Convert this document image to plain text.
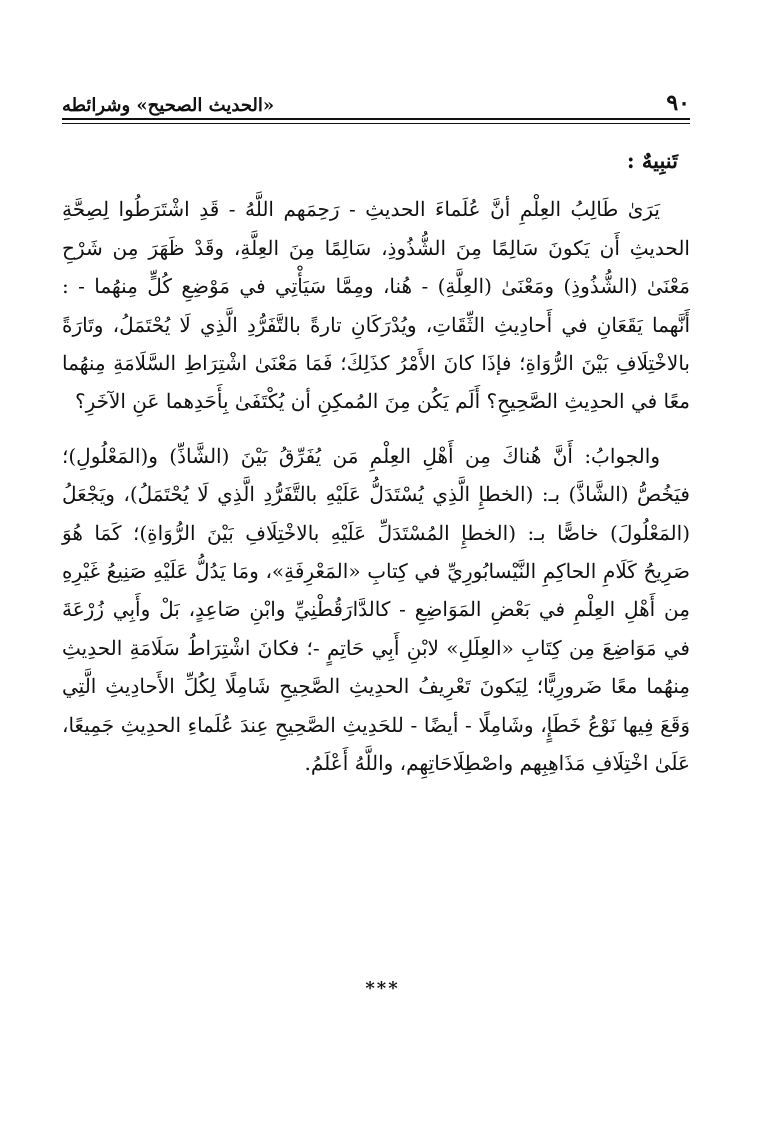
٩٠
«الحديث الصحيح» وشرائطه

تَنبِيهٌ :

يَرَىٰ طَالِبُ العِلْمِ أنَّ عُلَماءَ الحديثِ - رَحِمَهم اللَّهُ - قَدِ اشْتَرَطُوا لِصِحَّةِ الحديثِ أَن يَكونَ سَالِمًا مِنَ الشُّذُوذِ، سَالِمًا مِنَ العِلَّةِ، وقَدْ ظَهَرَ مِن شَرْحِ مَعْنَىٰ (الشُّذُوذِ) ومَعْنَىٰ (العِلَّةِ) - هُنا، ومِمَّا سَيَأْتِي في مَوْضِعِ كُلٍّ مِنهُما - : أَنَّهما يَقَعَانِ في أَحادِيثِ الثِّقَاتِ، ويُدْرَكَانِ تارةً بالتَّفَرُّدِ الَّذِي لَا يُحْتَمَلُ، وتَارَةً بالاخْتِلَافِ بَيْنَ الرُّوَاةِ؛ فإذَا كانَ الأَمْرُ كذَلِكَ؛ فَمَا مَعْنَىٰ اشْتِرَاطِ السَّلَامَةِ مِنهُما معًا في الحدِيثِ الصَّحِيحِ؟ أَلَم يَكُن مِنَ المُمكِنِ أن يُكْتَفَىٰ بِأَحَدِهما عَنِ الآخَرِ؟

والجوابُ: أَنَّ هُناكَ مِن أَهْلِ العِلْمِ مَن يُفَرِّقُ بَيْنَ (الشَّاذِّ) و(المَعْلُولِ)؛ فيَخُصُّ (الشَّاذَّ) بـ: (الخطإِ الَّذِي يُسْتَدَلُّ عَلَيْهِ بالتَّفَرُّدِ الَّذِي لَا يُحْتَمَلُ)، ويَجْعَلُ (المَعْلُولَ) خاصًّا بـ: (الخطإِ المُسْتَدَلِّ عَلَيْهِ بالاخْتِلَافِ بَيْنَ الرُّوَاةِ)؛ كَمَا هُوَ صَرِيحُ كَلَامِ الحاكِمِ النَّيْسابُورِيِّ في كِتابِ «المَعْرِفَةِ»، ومَا يَدُلُّ عَلَيْهِ صَنِيعُ غَيْرِهِ مِن أَهْلِ العِلْمِ في بَعْضِ المَوَاضِعِ - كالدَّارَقُطْنِيِّ وابْنِ صَاعِدٍ، بَلْ وأَبِي زُرْعَةَ في مَوَاضِعَ مِن كِتَابِ «العِلَلِ» لابْنِ أَبِي حَاتِمٍ -؛ فكانَ اشْتِرَاطُ سَلَامَةِ الحدِيثِ مِنهُما معًا ضَرورِيًّا؛ لِيَكونَ تَعْرِيفُ الحدِيثِ الصَّحِيحِ شَامِلًا لِكُلِّ الأَحادِيثِ الَّتِي وَقَعَ فِيها نَوْعُ خَطَإٍ، وشَامِلًا - أيضًا - للحَدِيثِ الصَّحِيحِ عِندَ عُلَماءِ الحدِيثِ جَمِيعًا، عَلَىٰ اخْتِلَافِ مَذَاهِبِهم واصْطِلَاحَاتِهِم، واللَّهُ أَعْلَمُ.

***
